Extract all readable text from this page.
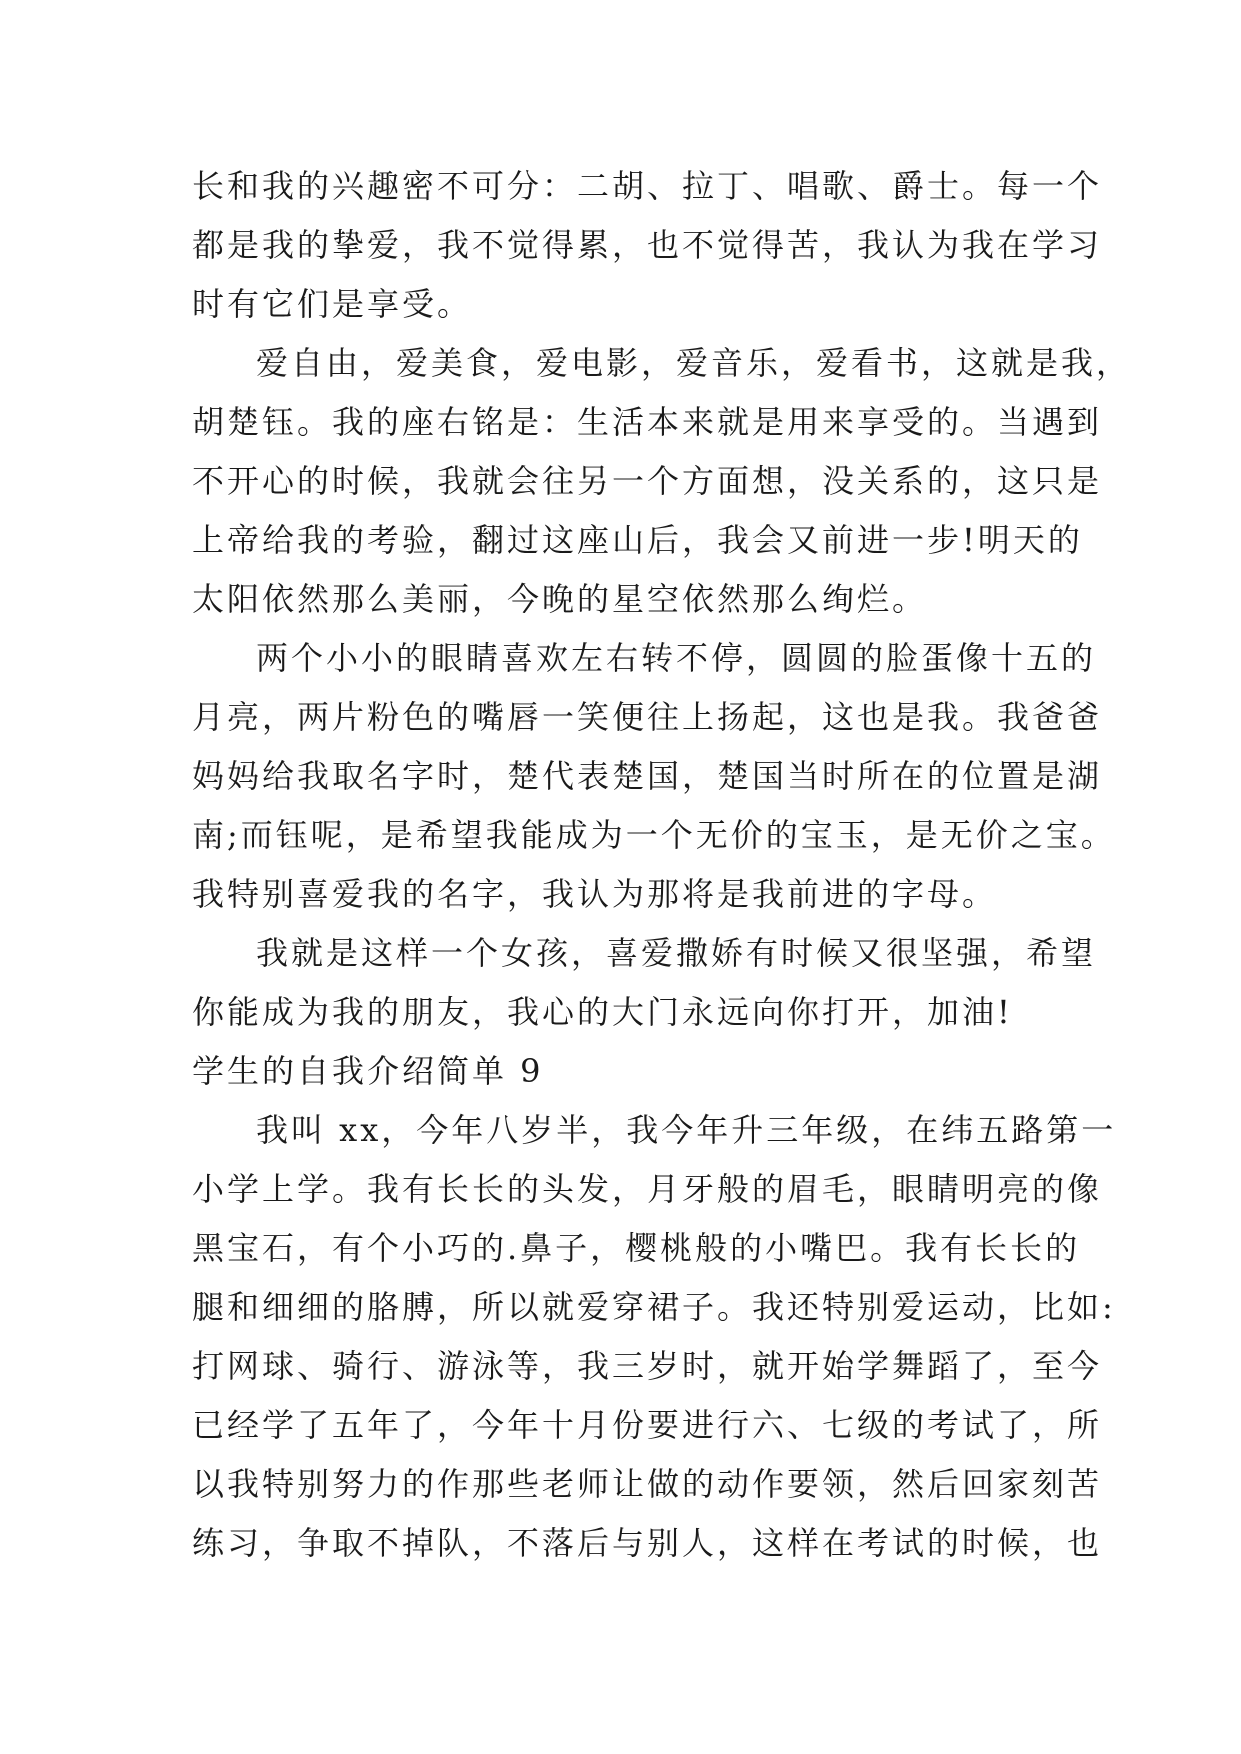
长和我的兴趣密不可分：二胡、拉丁、唱歌、爵士。每一个
都是我的挚爱，我不觉得累，也不觉得苦，我认为我在学习
时有它们是享受。
爱自由，爱美食，爱电影，爱音乐，爱看书，这就是我，
胡楚钰。我的座右铭是：生活本来就是用来享受的。当遇到
不开心的时候，我就会往另一个方面想，没关系的，这只是
上帝给我的考验，翻过这座山后，我会又前进一步!明天的
太阳依然那么美丽，今晚的星空依然那么绚烂。
两个小小的眼睛喜欢左右转不停，圆圆的脸蛋像十五的
月亮，两片粉色的嘴唇一笑便往上扬起，这也是我。我爸爸
妈妈给我取名字时，楚代表楚国，楚国当时所在的位置是湖
南;而钰呢，是希望我能成为一个无价的宝玉，是无价之宝。
我特别喜爱我的名字，我认为那将是我前进的字母。
我就是这样一个女孩，喜爱撒娇有时候又很坚强，希望
你能成为我的朋友，我心的大门永远向你打开，加油!
学生的自我介绍简单 9
我叫 xx，今年八岁半，我今年升三年级，在纬五路第一
小学上学。我有长长的头发，月牙般的眉毛，眼睛明亮的像
黑宝石，有个小巧的.鼻子，樱桃般的小嘴巴。我有长长的
腿和细细的胳膊，所以就爱穿裙子。我还特别爱运动，比如:
打网球、骑行、游泳等，我三岁时，就开始学舞蹈了，至今
已经学了五年了，今年十月份要进行六、七级的考试了，所
以我特别努力的作那些老师让做的动作要领，然后回家刻苦
练习，争取不掉队，不落后与别人，这样在考试的时候，也
